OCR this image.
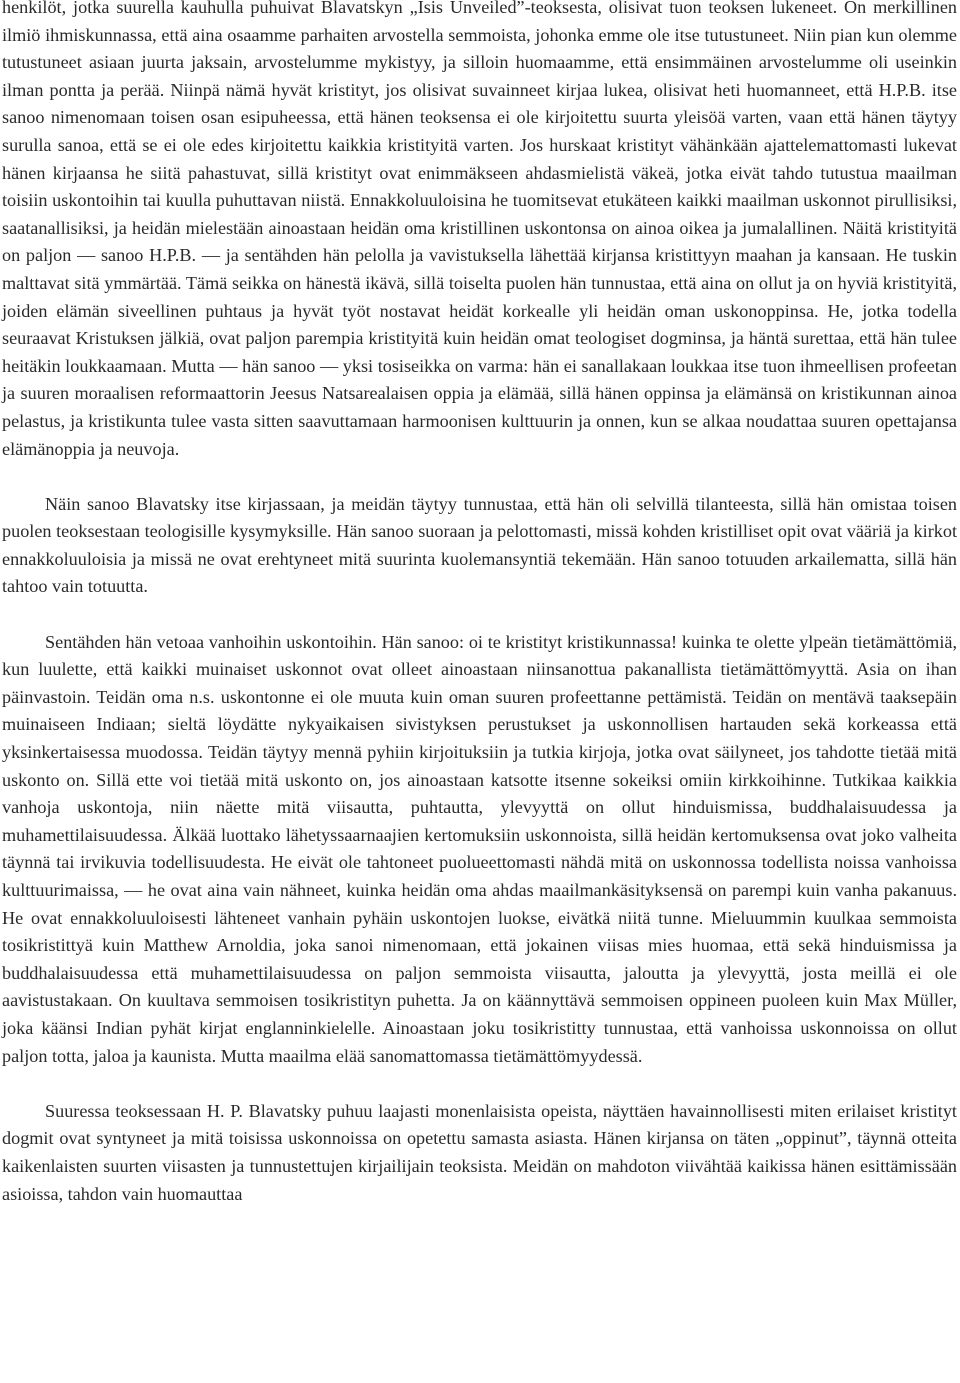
henkilöt, jotka suurella kauhulla puhuivat Blavatskyn „Isis Unveiled”-teoksesta, olisivat tuon teoksen lukeneet. On merkillinen ilmiö ihmiskunnassa, että aina osaamme parhaiten arvostella semmoista, johonka emme ole itse tutustuneet. Niin pian kun olemme tutustuneet asiaan juurta jaksain, arvostelumme mykistyy, ja silloin huomaamme, että ensimmäinen arvostelumme oli useinkin ilman pontta ja perää. Niinpä nämä hyvät kristityt, jos olisivat suvainneet kirjaa lukea, olisivat heti huomanneet, että H.P.B. itse sanoo nimenomaan toisen osan esipuheessa, että hänen teoksensa ei ole kirjoitettu suurta yleisöä varten, vaan että hänen täytyy surulla sanoa, että se ei ole edes kirjoitettu kaikkia kristityitä varten. Jos hurskaat kristityt vähänkään ajattelemattomasti lukevat hänen kirjaansa he siitä pahastuvat, sillä kristityt ovat enimmäkseen ahdasmielistä väkeä, jotka eivät tahdo tutustua maailman toisiin uskontoihin tai kuulla puhuttavan niistä. Ennakkoluuloisina he tuomitsevat etukäteen kaikki maailman uskonnot pirullisiksi, saatanallisiksi, ja heidän mielestään ainoastaan heidän oma kristillinen uskontonsa on ainoa oikea ja jumalallinen. Näitä kristityitä on paljon — sanoo H.P.B. — ja sentähden hän pelolla ja vavistuksella lähettää kirjansa kristittyyn maahan ja kansaan. He tuskin malttavat sitä ymmärtää. Tämä seikka on hänestä ikävä, sillä toiselta puolen hän tunnustaa, että aina on ollut ja on hyviä kristityitä, joiden elämän siveellinen puhtaus ja hyvät työt nostavat heidät korkealle yli heidän oman uskonoppinsa. He, jotka todella seuraavat Kristuksen jälkiä, ovat paljon parempia kristityitä kuin heidän omat teologiset dogminsa, ja häntä surettaa, että hän tulee heitäkin loukkaamaan. Mutta — hän sanoo — yksi tosiseikka on varma: hän ei sanallakaan loukkaa itse tuon ihmeellisen profeetan ja suuren moraalisen reformaattorin Jeesus Natsarealaisen oppia ja elämää, sillä hänen oppinsa ja elämänsä on kristikunnan ainoa pelastus, ja kristikunta tulee vasta sitten saavuttamaan harmoonisen kulttuurin ja onnen, kun se alkaa noudattaa suuren opettajansa elämänoppia ja neuvoja.

Näin sanoo Blavatsky itse kirjassaan, ja meidän täytyy tunnustaa, että hän oli selvillä tilanteesta, sillä hän omistaa toisen puolen teoksestaan teologisille kysymyksille. Hän sanoo suoraan ja pelottomasti, missä kohden kristilliset opit ovat vääriä ja kirkot ennakkoluuloisia ja missä ne ovat erehtyneet mitä suurinta kuolemansyntiä tekemään. Hän sanoo totuuden arkailematta, sillä hän tahtoo vain totuutta.

Sentähden hän vetoaa vanhoihin uskontoihin. Hän sanoo: oi te kristityt kristikunnassa! kuinka te olette ylpeän tietämättömiä, kun luulette, että kaikki muinaiset uskonnot ovat olleet ainoastaan niinsanottua pakanallista tietämättömyyttä. Asia on ihan päinvastoin. Teidän oma n.s. uskontonne ei ole muuta kuin oman suuren profeettanne pettämistä. Teidän on mentävä taaksepäin muinaiseen Indiaan; sieltä löydätte nykyaikaisen sivistyksen perustukset ja uskonnollisen hartauden sekä korkeassa että yksinkertaisessa muodossa. Teidän täytyy mennä pyhiin kirjoituksiin ja tutkia kirjoja, jotka ovat säilyneet, jos tahdotte tietää mitä uskonto on. Sillä ette voi tietää mitä uskonto on, jos ainoastaan katsotte itsenne sokeiksi omiin kirkkoihinne. Tutkikaa kaikkia vanhoja uskontoja, niin näette mitä viisautta, puhtautta, ylevyyttä on ollut hinduismissa, buddhalaisuudessa ja muhamettilaisuudessa. Älkää luottako lähetyssaarnaajien kertomuksiin uskonnoista, sillä heidän kertomuksensa ovat joko valheita täynnä tai irvikuvia todellisuudesta. He eivät ole tahtoneet puolueettomasti nähdä mitä on uskonnossa todellista noissa vanhoissa kulttuurimaissa, — he ovat aina vain nähneet, kuinka heidän oma ahdas maailmankäsityksensä on parempi kuin vanha pakanuus. He ovat ennakkoluuloisesti lähteneet vanhain pyhäin uskontojen luokse, eivätkä niitä tunne. Mieluummin kuulkaa semmoista tosikristittyä kuin Matthew Arnoldia, joka sanoi nimenomaan, että jokainen viisas mies huomaa, että sekä hinduismissa ja buddhalaisuudessa että muhamettilaisuudessa on paljon semmoista viisautta, jaloutta ja ylevyyttä, josta meillä ei ole aavistustakaan. On kuultava semmoisen tosikristityn puhetta. Ja on käännyttävä semmoisen oppineen puoleen kuin Max Müller, joka käänsi Indian pyhät kirjat englanninkielelle. Ainoastaan joku tosikristitty tunnustaa, että vanhoissa uskonnoissa on ollut paljon totta, jaloa ja kaunista. Mutta maailma elää sanomattomassa tietämättömyydessä.

Suuressa teoksessaan H. P. Blavatsky puhuu laajasti monenlaisista opeista, näyttäen havainnollisesti miten erilaiset kristityt dogmit ovat syntyneet ja mitä toisissa uskonnoissa on opetettu samasta asiasta. Hänen kirjansa on täten „oppinut”, täynnä otteita kaikenlaisten suurten viisasten ja tunnustettujen kirjailijain teoksista. Meidän on mahdoton viivähtää kaikissa hänen esittämissään asioissa, tahdon vain huomauttaa
